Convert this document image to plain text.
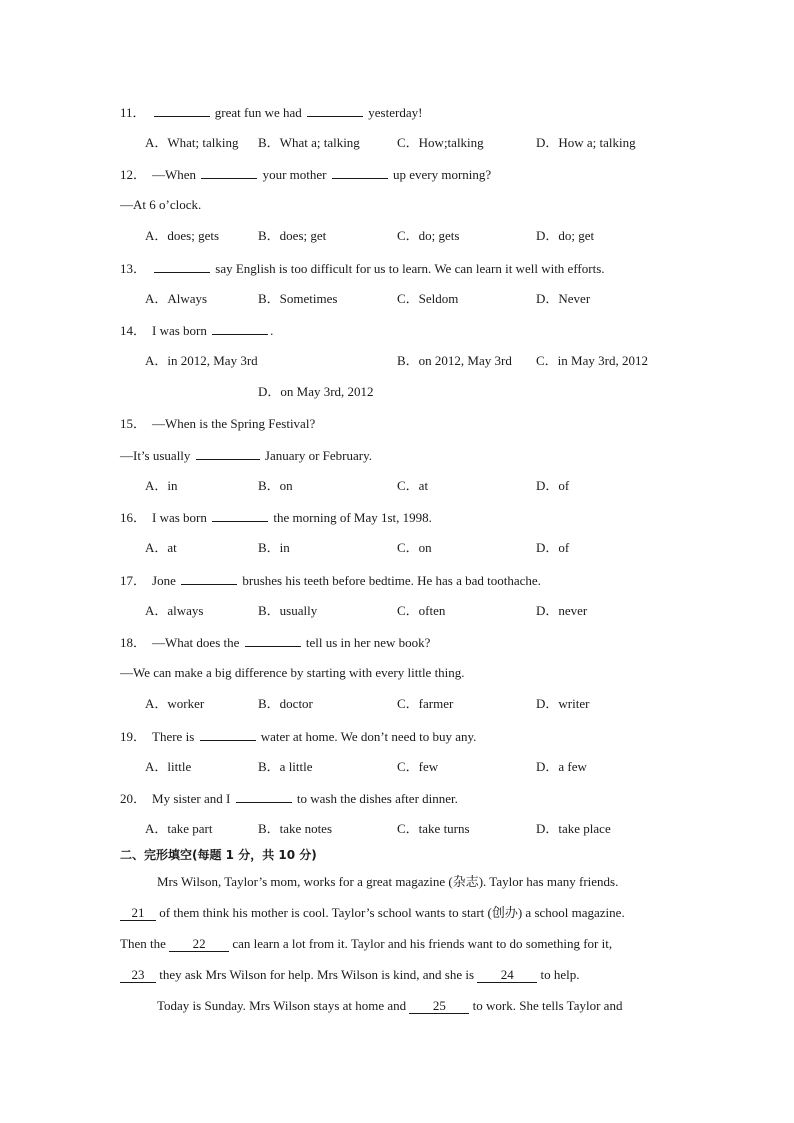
11．	great fun we had	yesterday!
A．What; talking B．What a; talking	C．How;talking	D．How a; talking
12． —When	your mother	up every morning?
—At 6 o’clock.
A．does; gets	B．does; get	C．do; gets	D．do; get
13．	say English is too difficult for us to learn. We can learn it well with efforts.
A．Always	B．Sometimes	C．Seldom	D．Never
14． I was born	.
A．in 2012, May 3rd	B．on 2012, May 3rd C．in May 3rd, 2012
D．on May 3rd, 2012
15． —When is the Spring Festival?
—It’s usually	January or February.
A．in	B．on	C．at	D．of
16． I was born	the morning of May 1st, 1998.
A．at	B．in	C．on	D．of
17． Jone	brushes his teeth before bedtime. He has a bad toothache.
A．always	B．usually	C．often	D．never
18． —What does the	tell us in her new book?
—We can make a big difference by starting with every little thing.
A．worker	B．doctor	C．farmer	D．writer
19． There is	water at home. We don’t need to buy any.
A．little	B．a little	C．few	D．a few
20． My sister and I	to wash the dishes after dinner.
A．take part	B．take notes	C．take turns	D．take place
二、完形填空(每题 1 分，共 10 分)
Mrs Wilson, Taylor’s mom, works for a great magazine (杂志). Taylor has many friends.
21 of them think his mother is cool. Taylor’s school wants to start (创办) a school magazine.
Then the 22 can learn a lot from it. Taylor and his friends want to do something for it,
23 they ask Mrs Wilson for help. Mrs Wilson is kind, and she is 24 to help.
Today is Sunday. Mrs Wilson stays at home and 25 to work. She tells Taylor and
